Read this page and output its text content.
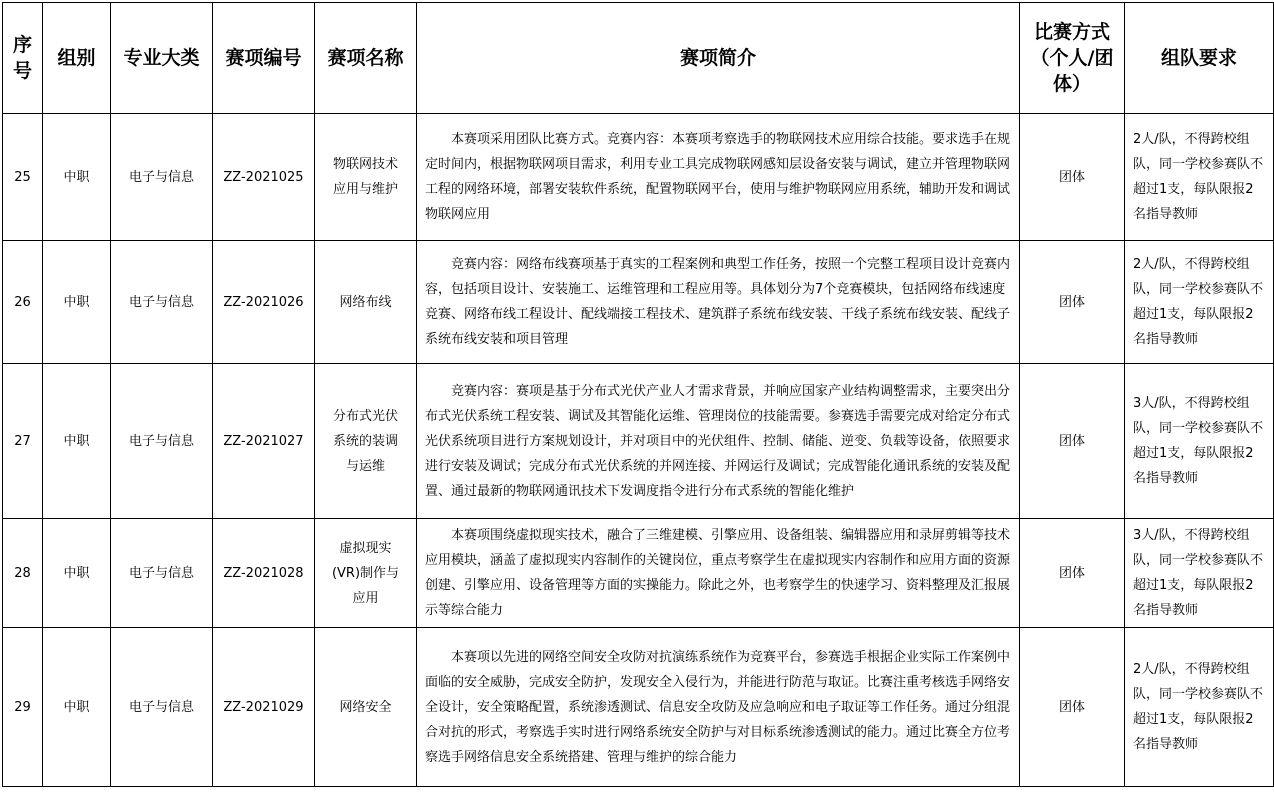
序号	组别	专业大类	赛项编号	赛项名称	赛项简介	比赛方式（个人/团体）	组队要求
25	中职	电子与信息	ZZ-2021025	物联网技术应用与维护	本赛项采用团队比赛方式。竞赛内容：本赛项考察选手的物联网技术应用综合技能。要求选手在规定时间内，根据物联网项目需求，利用专业工具完成物联网感知层设备安装与调试，建立并管理物联网工程的网络环境，部署安装软件系统，配置物联网平台，使用与维护物联网应用系统，辅助开发和调试物联网应用	团体	2人/队，不得跨校组队，同一学校参赛队不超过1支，每队限报2名指导教师
26	中职	电子与信息	ZZ-2021026	网络布线	竞赛内容：网络布线赛项基于真实的工程案例和典型工作任务，按照一个完整工程项目设计竞赛内容，包括项目设计、安装施工、运维管理和工程应用等。具体划分为7个竞赛模块，包括网络布线速度竞赛、网络布线工程设计、配线端接工程技术、建筑群子系统布线安装、干线子系统布线安装、配线子系统布线安装和项目管理	团体	2人/队，不得跨校组队，同一学校参赛队不超过1支，每队限报2名指导教师
27	中职	电子与信息	ZZ-2021027	分布式光伏系统的装调与运维	竞赛内容：赛项是基于分布式光伏产业人才需求背景，并响应国家产业结构调整需求，主要突出分布式光伏系统工程安装、调试及其智能化运维、管理岗位的技能需要。参赛选手需要完成对给定分布式光伏系统项目进行方案规划设计，并对项目中的光伏组件、控制、储能、逆变、负载等设备，依照要求进行安装及调试；完成分布式光伏系统的并网连接、并网运行及调试；完成智能化通讯系统的安装及配置、通过最新的物联网通讯技术下发调度指令进行分布式系统的智能化维护	团体	3人/队，不得跨校组队，同一学校参赛队不超过1支，每队限报2名指导教师
28	中职	电子与信息	ZZ-2021028	虚拟现实(VR)制作与应用	本赛项围绕虚拟现实技术，融合了三维建模、引擎应用、设备组装、编辑器应用和录屏剪辑等技术应用模块，涵盖了虚拟现实内容制作的关键岗位，重点考察学生在虚拟现实内容制作和应用方面的资源创建、引擎应用、设备管理等方面的实操能力。除此之外，也考察学生的快速学习、资料整理及汇报展示等综合能力	团体	3人/队，不得跨校组队，同一学校参赛队不超过1支，每队限报2名指导教师
29	中职	电子与信息	ZZ-2021029	网络安全	本赛项以先进的网络空间安全攻防对抗演练系统作为竞赛平台，参赛选手根据企业实际工作案例中面临的安全威胁，完成安全防护，发现安全入侵行为，并能进行防范与取证。比赛注重考核选手网络安全设计，安全策略配置，系统渗透测试、信息安全攻防及应急响应和电子取证等工作任务。通过分组混合对抗的形式，考察选手实时进行网络系统安全防护与对目标系统渗透测试的能力。通过比赛全方位考察选手网络信息安全系统搭建、管理与维护的综合能力	团体	2人/队，不得跨校组队，同一学校参赛队不超过1支，每队限报2名指导教师
